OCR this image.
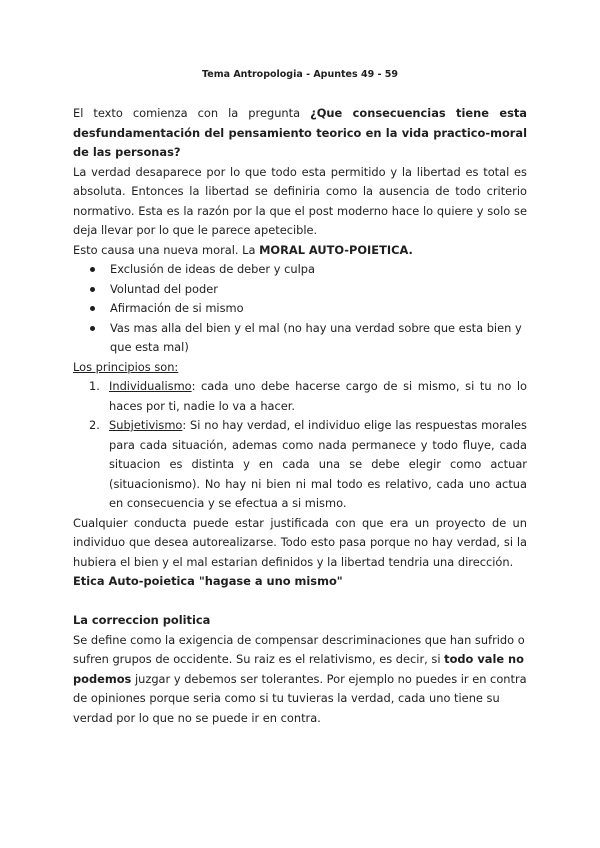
Tema Antropologia - Apuntes 49 - 59

El texto comienza con la pregunta ¿Que consecuencias tiene esta desfundamentación del pensamiento teorico en la vida practico-moral de las personas?

La verdad desaparece por lo que todo esta permitido y la libertad es total es absoluta. Entonces la libertad se definiria como la ausencia de todo criterio normativo. Esta es la razón por la que el post moderno hace lo quiere y solo se deja llevar por lo que le parece apetecible.

Esto causa una nueva moral. La MORAL AUTO-POIETICA.

Exclusión de ideas de deber y culpa
Voluntad del poder
Afirmación de si mismo
Vas mas alla del bien y el mal (no hay una verdad sobre que esta bien y que esta mal)

Los principios son:

1. Individualismo: cada uno debe hacerse cargo de si mismo, si tu no lo haces por ti, nadie lo va a hacer.
2. Subjetivismo: Si no hay verdad, el individuo elige las respuestas morales para cada situación, ademas como nada permanece y todo fluye, cada situacion es distinta y en cada una se debe elegir como actuar (situacionismo). No hay ni bien ni mal todo es relativo, cada uno actua en consecuencia y se efectua a si mismo.

Cualquier conducta puede estar justificada con que era un proyecto de un individuo que desea autorealizarse. Todo esto pasa porque no hay verdad, si la hubiera el bien y el mal estarian definidos y la libertad tendria una dirección.

Etica Auto-poietica "hagase a uno mismo"

La correccion politica

Se define como la exigencia de compensar descriminaciones que han sufrido o sufren grupos de occidente. Su raiz es el relativismo, es decir, si todo vale no podemos juzgar y debemos ser tolerantes. Por ejemplo no puedes ir en contra de opiniones porque seria como si tu tuvieras la verdad, cada uno tiene su verdad por lo que no se puede ir en contra.
